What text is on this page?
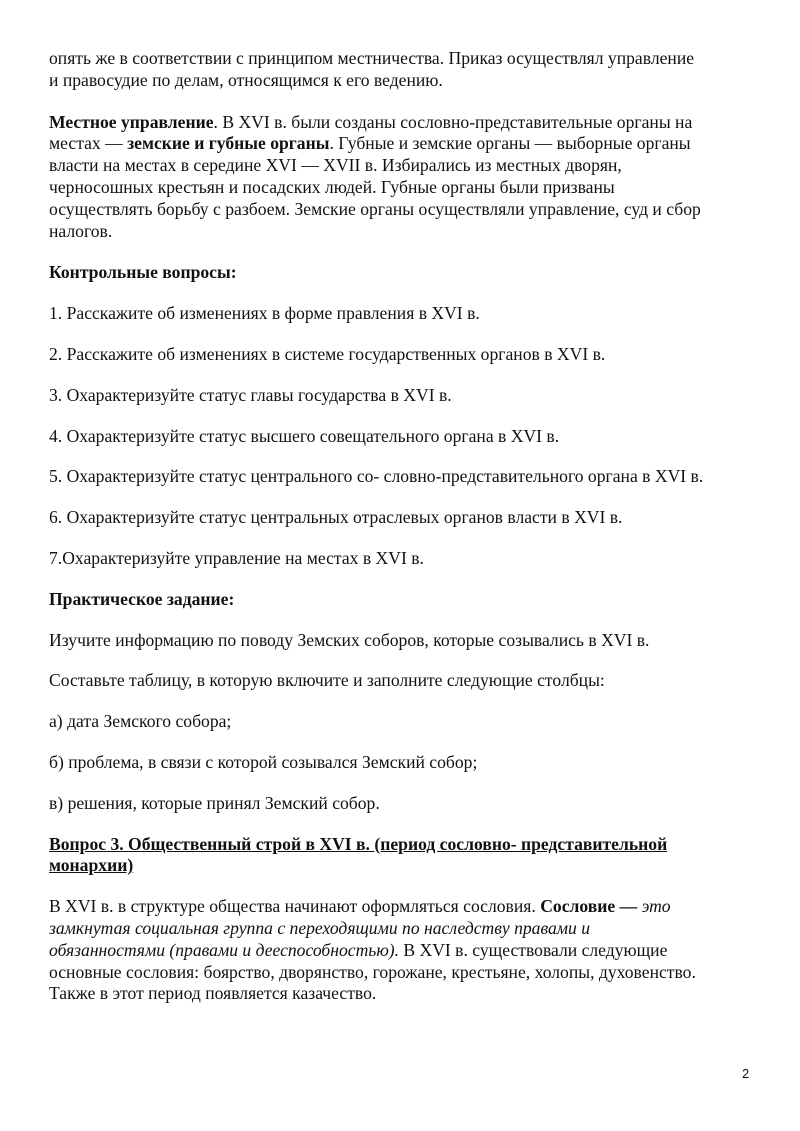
опять же в соответствии с принципом местничества. Приказ осуществлял управление
и правосудие по делам, относящимся к его ведению.

Местное управление. В XVI в. были созданы сословно-представительные органы на
местах — земские и губные органы. Губные и земские органы — выборные органы
власти на местах в середине XVI — XVII в. Избирались из местных дворян,
черносошных крестьян и посадских людей. Губные органы были призваны
осуществлять борьбу с разбоем. Земские органы осуществляли управление, суд и сбор
налогов.

Контрольные вопросы:

1. Расскажите об изменениях в форме правления в XVI в.

2. Расскажите об изменениях в системе государственных органов в XVI в.

3. Охарактеризуйте статус главы государства в XVI в.

4. Охарактеризуйте статус высшего совещательного органа в XVI в.

5. Охарактеризуйте статус центрального со- словно-представительного органа в XVI в.

6. Охарактеризуйте статус центральных отраслевых органов власти в XVI в.

7.Охарактеризуйте управление на местах в XVI в.

Практическое задание:

Изучите информацию по поводу Земских соборов, которые созывались в XVI в.

Составьте таблицу, в которую включите и заполните следующие столбцы:

а) дата Земского собора;

б) проблема, в связи с которой созывался Земский собор;

в) решения, которые принял Земский собор.

Вопрос 3. Общественный строй в XVI в. (период сословно- представительной
монархии)

В XVI в. в структуре общества начинают оформляться сословия. Сословие — это
замкнутая социальная группа с переходящими по наследству правами и
обязанностями (правами и дееспособностью). В XVI в. существовали следующие
основные сословия: боярство, дворянство, горожане, крестьяне, холопы, духовенство.
Также в этот период появляется казачество.

2
